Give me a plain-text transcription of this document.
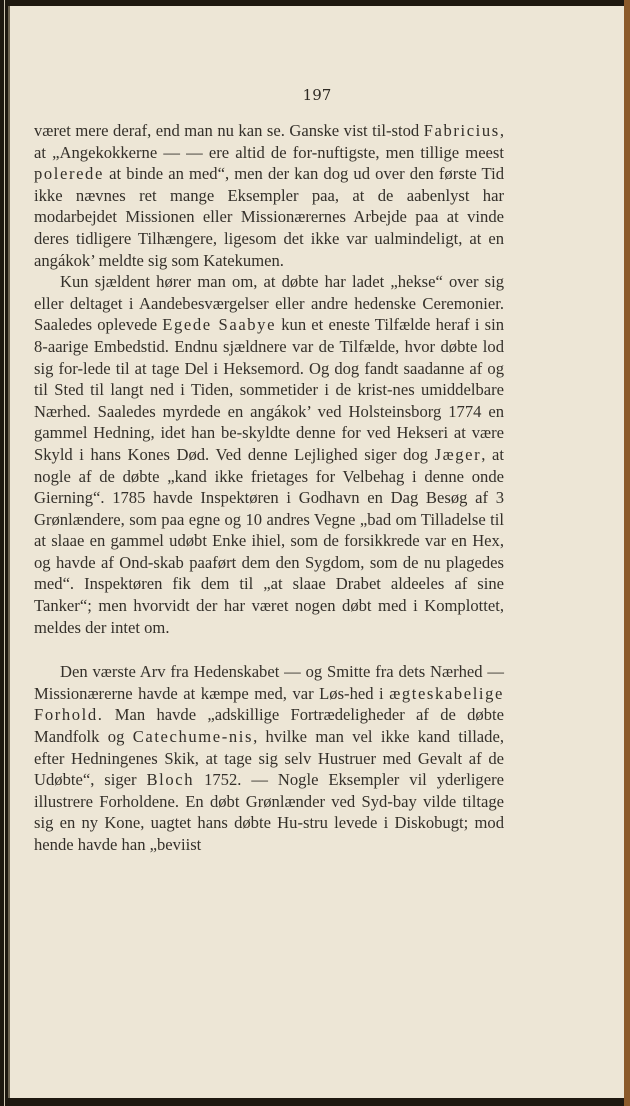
197

været mere deraf, end man nu kan se. Ganske vist til-stod Fabricius, at „Angekokkerne — — ere altid de for-nuftigste, men tillige meest polerede at binde an med“, men der kan dog ud over den første Tid ikke nævnes ret mange Eksempler paa, at de aabenlyst har modarbejdet Missionen eller Missionærernes Arbejde paa at vinde deres tidligere Tilhængere, ligesom det ikke var ualmindeligt, at en angákok’ meldte sig som Katekumen.

Kun sjældent hører man om, at døbte har ladet „hekse“ over sig eller deltaget i Aandebesværgelser eller andre hedenske Ceremonier. Saaledes oplevede Egede Saabye kun et eneste Tilfælde heraf i sin 8-aarige Embedstid. Endnu sjældnere var de Tilfælde, hvor døbte lod sig for-lede til at tage Del i Heksemord. Og dog fandt saadanne af og til Sted til langt ned i Tiden, sommetider i de krist-nes umiddelbare Nærhed. Saaledes myrdede en angákok’ ved Holsteinsborg 1774 en gammel Hedning, idet han be-skyldte denne for ved Hekseri at være Skyld i hans Kones Død. Ved denne Lejlighed siger dog Jæger, at nogle af de døbte „kand ikke frietages for Velbehag i denne onde Gierning“. 1785 havde Inspektøren i Godhavn en Dag Besøg af 3 Grønlændere, som paa egne og 10 andres Vegne „bad om Tilladelse til at slaae en gammel udøbt Enke ihiel, som de forsikkrede var en Hex, og havde af Ond-skab paaført dem den Sygdom, som de nu plagedes med“. Inspektøren fik dem til „at slaae Drabet aldeeles af sine Tanker“; men hvorvidt der har været nogen døbt med i Komplottet, meldes der intet om.

Den værste Arv fra Hedenskabet — og Smitte fra dets Nærhed — Missionærerne havde at kæmpe med, var Løs-hed i ægteskabelige Forhold. Man havde „adskillige Fortrædeligheder af de døbte Mandfolk og Catechume-nis, hvilke man vel ikke kand tillade, efter Hedningenes Skik, at tage sig selv Hustruer med Gevalt af de Udøbte“, siger Bloch 1752. — Nogle Eksempler vil yderligere illustrere Forholdene. En døbt Grønlænder ved Syd-bay vilde tiltage sig en ny Kone, uagtet hans døbte Hu-stru levede i Diskobugt; mod hende havde han „beviist
